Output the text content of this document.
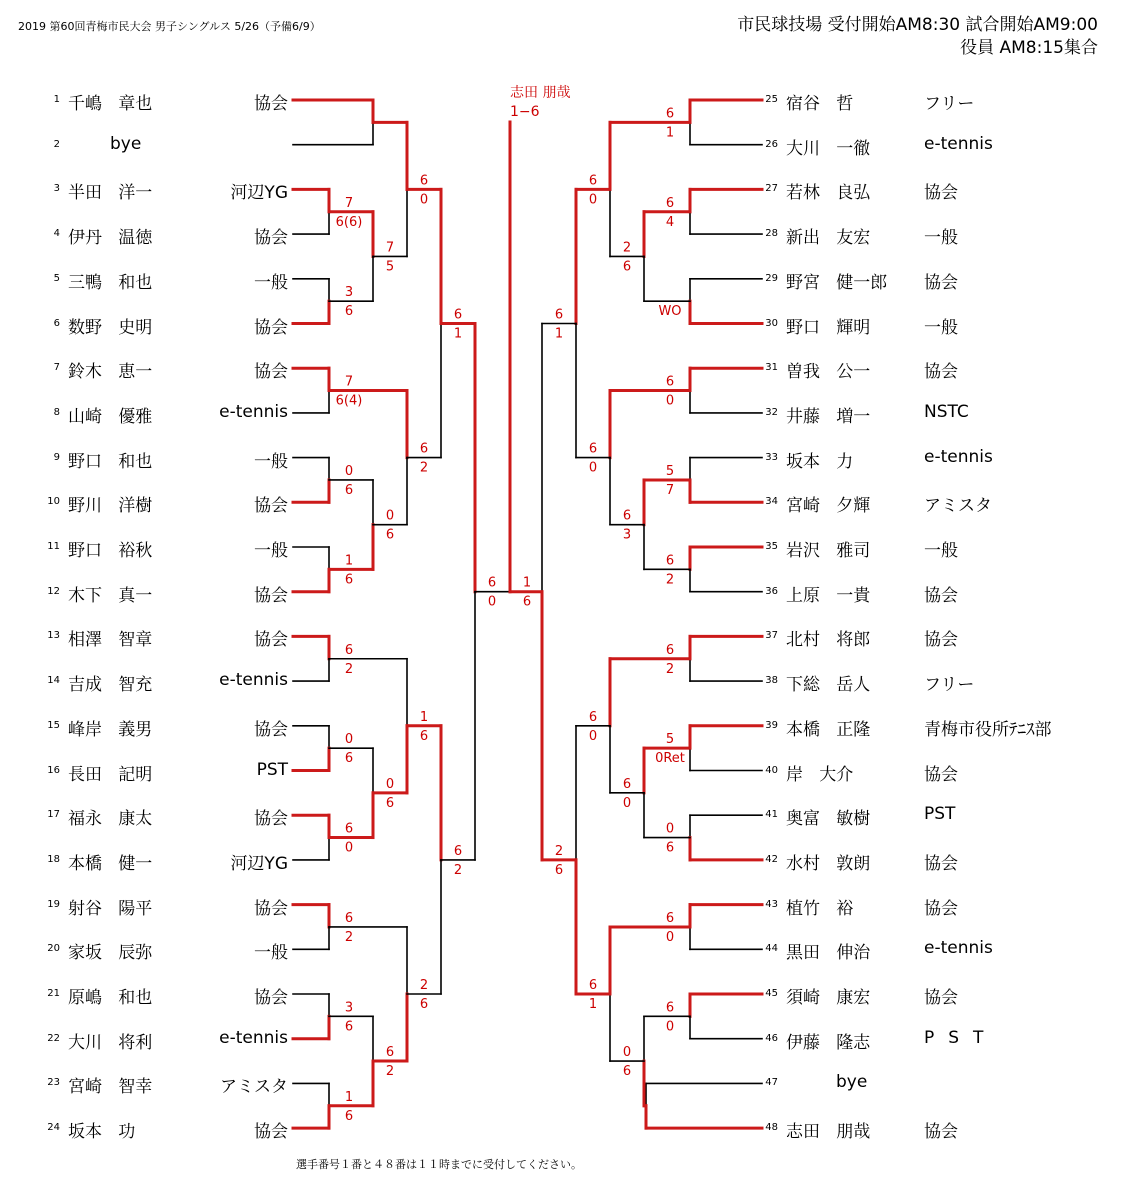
2019 第60回青梅市民大会 男子シングルス 5/26（予備6/9）	市民球技場 受付開始AM8:30 試合開始AM9:00
役員 AM8:15集合
志田 朋哉
1−6
1 千嶋   章也	協会
2	bye
3 半田   洋一	河辺YG
4 伊丹   温徳	協会
5 三鴨   和也	一般
6 数野   史明	協会
7 鈴木   恵一	協会
8 山崎   優雅	e-tennis
9 野口   和也	一般
10 野川   洋樹	協会
11 野口   裕秋	一般
12 木下   真一	協会
13 相澤   智章	協会
14 吉成   智充	e-tennis
15 峰岸   義男	協会
16 長田   記明	PST
17 福永   康太	協会
18 本橋   健一	河辺YG
19 射谷   陽平	協会
20 家坂   辰弥	一般
21 原嶋   和也	協会
22 大川   将利	e-tennis
23 宮崎   智幸	アミスタ
24 坂本   功	協会
25 宿谷   哲	フリー
26 大川   一徹	e-tennis
27 若林   良弘	協会
28 新出   友宏	一般
29 野宮   健一郎 協会
30 野口   輝明	一般
31 曽我   公一	協会
32 井藤   増一	NSTC
33 坂本   力	e-tennis
34 宮崎   夕輝	アミスタ
35 岩沢   雅司	一般
36 上原   一貴	協会
37 北村   将郎	協会
38 下総   岳人	フリー
39 本橋   正隆	青梅市役所ﾃﾆｽ部
40 岸   大介	協会
41 奥富   敏樹	PST
42 水村   敦朗	協会
43 植竹   裕	協会
44 黒田   伸治	e-tennis
45 須崎   康宏	協会
46 伊藤   隆志	PST
47	bye
48 志田   朋哉	協会
7
6(6)
3
6
7
6(4)
0
6
1
6
6
2
0
6
6
0
6
2
3
6
1
6
7
5
0
6
0
6
6
2
6
0
6
2
1
6
2
6
6
1
6
2
6
1
6
4
WO
6
0
5
7
6
2
6
2
5
0Ret
0
6
6
0
6
0
2
6
6
3
6
0
0
6
6
0
6
0
6
0
6
1
6
1
2
6
6
0
1
6
選手番号１番と４８番は１１時までに受付してください。
